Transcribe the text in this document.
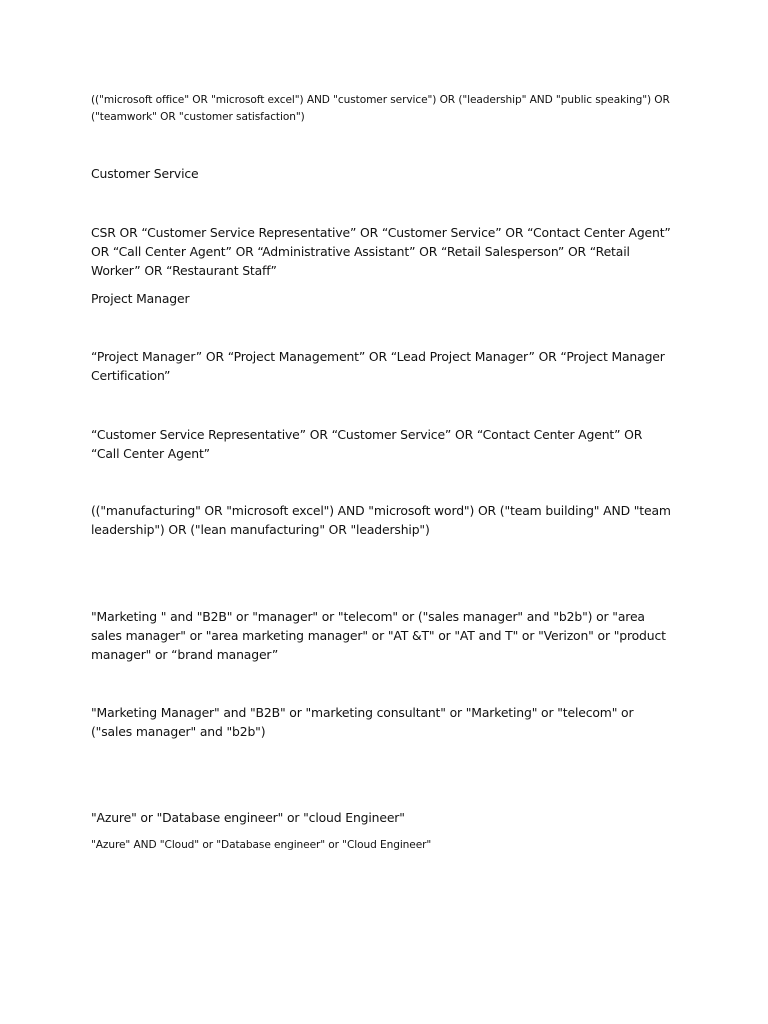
(("microsoft office" OR "microsoft excel") AND "customer service") OR ("leadership" AND "public speaking") OR ("teamwork" OR "customer satisfaction")

Customer Service

CSR OR “Customer Service Representative” OR “Customer Service” OR “Contact Center Agent” OR “Call Center Agent” OR “Administrative Assistant” OR “Retail Salesperson” OR “Retail Worker” OR “Restaurant Staff”

Project Manager

“Project Manager” OR “Project Management” OR “Lead Project Manager” OR “Project Manager Certification”

“Customer Service Representative” OR “Customer Service” OR “Contact Center Agent” OR “Call Center Agent”

(("manufacturing" OR "microsoft excel") AND "microsoft word") OR ("team building" AND "team leadership") OR ("lean manufacturing" OR "leadership")

"Marketing " and "B2B" or "manager" or "telecom" or ("sales manager" and "b2b") or "area sales manager" or "area marketing manager" or "AT &T" or "AT and T" or "Verizon" or "product manager" or “brand manager”

"Marketing Manager" and "B2B" or "marketing consultant" or "Marketing" or "telecom" or ("sales manager" and "b2b")

"Azure" or "Database engineer" or "cloud Engineer"

"Azure" AND "Cloud" or "Database engineer" or "Cloud Engineer"
